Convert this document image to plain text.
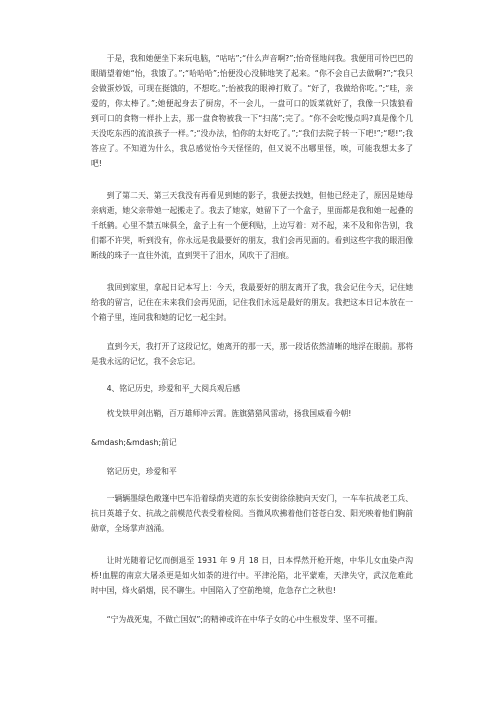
于是，我和她便坐下来玩电脑，“咕咕”;“什么声音啊?”;怡奇怪地问我。我便用可怜巴巴的眼睛望着她“怡，我饿了。”;“哈哈哈”;怡便没心没肺地笑了起来。“你不会自己去做啊?”;“我只会做蛋炒饭，可现在挺饿的，不想吃。”;怡被我的眼神打败了。“好了，我做给你吃。”;“哇，亲爱的，你太棒了。”;她便起身去了厨房，不一会儿，一盘可口的饭菜就好了，我像一只饿狼看到可口的食物一样扑上去，那一盘食物被我一下“扫荡”;完了。“你不会吃慢点吗?真是像个几天没吃东西的流浪孩子一样。”;“没办法，怕你的太好吃了。”;“我们去院子转一下吧!”;“嗯!”;我答应了。不知道为什么，我总感觉怡今天怪怪的，但又说不出哪里怪，唉，可能我想太多了吧!

到了第二天、第三天我没有再看见到她的影子，我便去找她，但他已经走了，原因是她母亲病逝，她父亲带她一起搬走了。我去了她家，她留下了一个盒子，里面都是我和她一起叠的千纸鹤。心里不禁五味俱全，盒子上有一个便利贴，上边写着：对不起，来不及和你告别，我们都不许哭，听到没有，你永远是我最要好的朋友，我们会再见面的。看到这些字我的眼泪像断线的珠子一直往外流，直到哭干了泪水，风吹干了泪痕。

我回到家里，拿起日记本写上：今天，我最要好的朋友离开了我，我会记住今天，记住她给我的留言，记住在未来我们会再见面，记住我们永远是最好的朋友。我把这本日记本放在一个箱子里，连同我和她的记忆一起尘封。

直到今天，我打开了这段记忆，她离开的那一天，那一段话依然清晰的地浮在眼前。那将是我永远的记忆，我不会忘记。

4、铭记历史，珍爱和平_大阅兵观后感

枕戈铁甲剑出鞘，百万雄师冲云霄。旌旗猎猎风雷动，扬我国威看今朝!

&mdash;&mdash;前记

铭记历史，珍爱和平

一辆辆墨绿色敞篷中巴车沿着绿荫夹道的东长安街徐徐驶向天安门，一车车抗战老工兵、抗日英雄子女、抗战之前模范代表受着检阅。当微风吹拂着他们苍苍白发、阳光映着他们胸前勋章，全场掌声汹涌。

让时光随着记忆而倒退至 1931 年 9 月 18 日，日本悍然开枪开炮，中华儿女血染卢沟桥!血腥的南京大屠杀更是如火如荼的进行中。平津沦陷，北平蒙难，天津失守，武汉危难此时中国，烽火硝烟，民不聊生。中国陷入了空前绝境，危急存亡之秋也!

“宁为战死鬼，不做亡国奴”;的精神或许在中华子女的心中生根发芽、坚不可摧。
